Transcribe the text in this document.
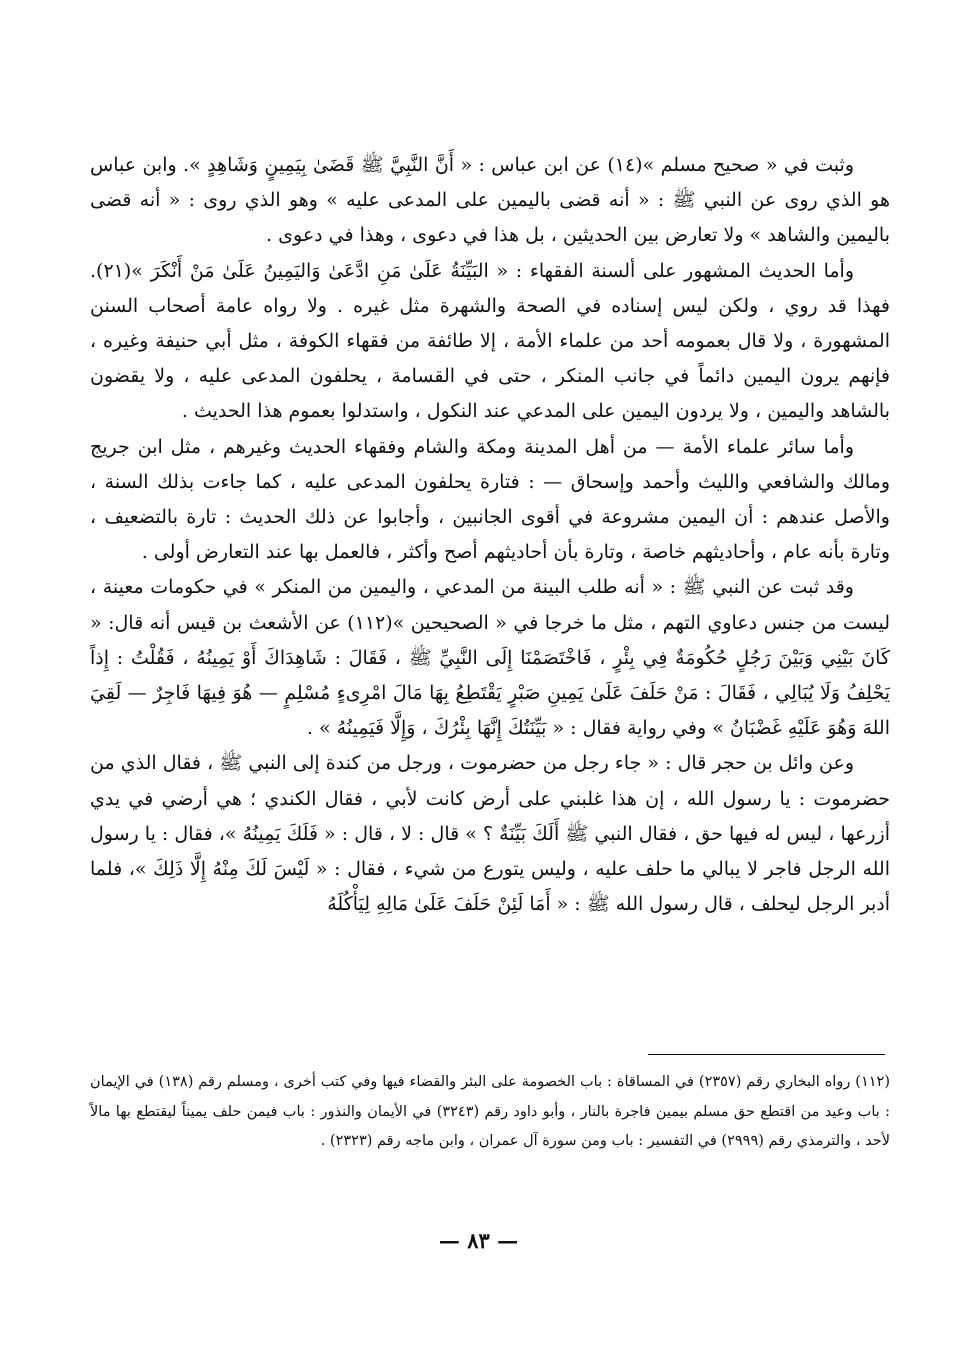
وثبت في « صحيح مسلم »(١٤) عن ابن عباس : « أَنَّ النَّبِيَّ ﷺ قَضَىٰ بِيَمِينٍ وَشَاهِدٍ ». وابن عباس هو الذي روى عن النبي ﷺ : « أنه قضى باليمين على المدعى عليه » وهو الذي روى : « أنه قضى باليمين والشاهد » ولا تعارض بين الحديثين ، بل هذا في دعوى ، وهذا في دعوى .

وأما الحديث المشهور على ألسنة الفقهاء : « البَيِّنَةُ عَلَىٰ مَنِ ادَّعَىٰ وَاليَمِينُ عَلَىٰ مَنْ أَنْكَرَ »(٢١). فهذا قد روي ، ولكن ليس إسناده في الصحة والشهرة مثل غيره . ولا رواه عامة أصحاب السنن المشهورة ، ولا قال بعمومه أحد من علماء الأمة ، إلا طائفة من فقهاء الكوفة ، مثل أبي حنيفة وغيره ، فإنهم يرون اليمين دائماً في جانب المنكر ، حتى في القسامة ، يحلفون المدعى عليه ، ولا يقضون بالشاهد واليمين ، ولا يردون اليمين على المدعي عند النكول ، واستدلوا بعموم هذا الحديث .

وأما سائر علماء الأمة — من أهل المدينة ومكة والشام وفقهاء الحديث وغيرهم ، مثل ابن جريج ومالك والشافعي والليث وأحمد وإسحاق — : فتارة يحلفون المدعى عليه ، كما جاءت بذلك السنة ، والأصل عندهم : أن اليمين مشروعة في أقوى الجانبين ، وأجابوا عن ذلك الحديث : تارة بالتضعيف ، وتارة بأنه عام ، وأحاديثهم خاصة ، وتارة بأن أحاديثهم أصح وأكثر ، فالعمل بها عند التعارض أولى .

وقد ثبت عن النبي ﷺ : « أنه طلب البينة من المدعي ، واليمين من المنكر » في حكومات معينة ، ليست من جنس دعاوي التهم ، مثل ما خرجا في « الصحيحين »(١١٢) عن الأشعث بن قيس أنه قال: « كَانَ بَيْنِي وَبَيْنَ رَجُلٍ حُكُومَةٌ فِي بِئْرٍ ، فَاخْتَصَمْنَا إِلَى النَّبِيِّ ﷺ ، فَقَالَ : شَاهِدَاكَ أَوْ يَمِينُهُ ، فَقُلْتُ : إِذاً يَحْلِفُ وَلَا يُبَالِي ، فَقَالَ : مَنْ حَلَفَ عَلَىٰ يَمِينِ صَبْرٍ يَقْتَطِعُ بِهَا مَالَ امْرِىءٍ مُسْلِمٍ — هُوَ فِيهَا فَاجِرٌ — لَقِيَ اللهَ وَهُوَ عَلَيْهِ غَضْبَانُ » وفي رواية فقال : « بَيِّنَتُكَ إِنَّهَا بِئْرُكَ ، وَإِلَّا فَيَمِينُهُ » .

وعن وائل بن حجر قال : « جاء رجل من حضرموت ، ورجل من كندة إلى النبي ﷺ ، فقال الذي من حضرموت : يا رسول الله ، إن هذا غلبني على أرض كانت لأبي ، فقال الكندي ؛ هي أرضي في يدي أزرعها ، ليس له فيها حق ، فقال النبي ﷺ أَلَكَ بَيِّنَةٌ ؟ » قال : لا ، قال : « فَلَكَ يَمِينُهُ »، فقال : يا رسول الله الرجل فاجر لا يبالي ما حلف عليه ، وليس يتورع من شيء ، فقال : « لَيْسَ لَكَ مِنْهُ إِلَّا ذَلِكَ »، فلما أدبر الرجل ليحلف ، قال رسول الله ﷺ : « أَمَا لَئِنْ حَلَفَ عَلَىٰ مَالِهِ لِيَأْكُلَهُ

(١١٢) رواه البخاري رقم (٢٣٥٧) في المساقاة : باب الخصومة على البئر والقضاء فيها وفي كتب أخرى ، ومسلم رقم (١٣٨) في الإيمان : باب وعيد من اقتطع حق مسلم بيمين فاجرة بالنار ، وأبو داود رقم (٣٢٤٣) في الأيمان والنذور : باب فيمن حلف يميناً ليقتطع بها مالاً لأحد ، والترمذي رقم (٢٩٩٩) في التفسير : باب ومن سورة آل عمران ، وابن ماجه رقم (٢٣٢٣) .

— ٨٣ —
